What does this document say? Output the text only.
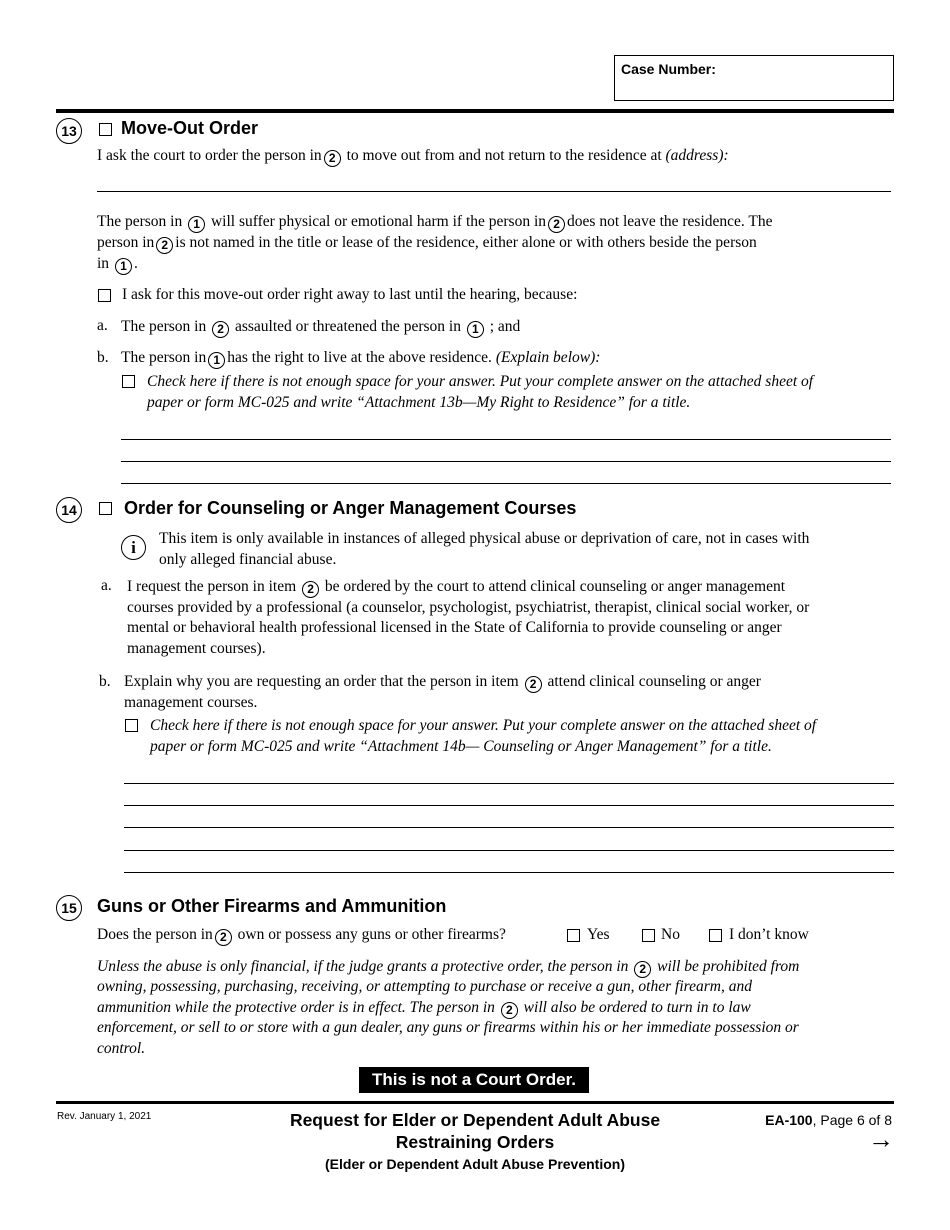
Case Number:
13 Move-Out Order
I ask the court to order the person in 2 to move out from and not return to the residence at (address):
The person in 1 will suffer physical or emotional harm if the person in 2 does not leave the residence. The
person in 2 is not named in the title or lease of the residence, either alone or with others beside the person
in 1 .
I ask for this move-out order right away to last until the hearing, because:
a. The person in 2 assaulted or threatened the person in 1 ; and
b. The person in 1 has the right to live at the above residence. (Explain below):
Check here if there is not enough space for your answer. Put your complete answer on the attached sheet of
paper or form MC-025 and write “Attachment 13b—My Right to Residence” for a title.
14	Order for Counseling or Anger Management Courses
i	This item is only available in instances of alleged physical abuse or deprivation of care, not in cases with
only alleged financial abuse.
a. I request the person in item 2 be ordered by the court to attend clinical counseling or anger management
courses provided by a professional (a counselor, psychologist, psychiatrist, therapist, clinical social worker, or
mental or behavioral health professional licensed in the State of California to provide counseling or anger
management courses).
b. Explain why you are requesting an order that the person in item 2 attend clinical counseling or anger
management courses.
Check here if there is not enough space for your answer. Put your complete answer on the attached sheet of
paper or form MC-025 and write “Attachment 14b— Counseling or Anger Management” for a title.
15 Guns or Other Firearms and Ammunition
Does the person in 2 own or possess any guns or other firearms?	Yes	No	I don’t know
Unless the abuse is only financial, if the judge grants a protective order, the person in 2 will be prohibited from
owning, possessing, purchasing, receiving, or attempting to purchase or receive a gun, other firearm, and
ammunition while the protective order is in effect. The person in 2 will also be ordered to turn in to law
enforcement, or sell to or store with a gun dealer, any guns or firearms within his or her immediate possession or
control.
This is not a Court Order.
Rev. January 1, 2021	Request for Elder or Dependent Adult Abuse
Restraining Orders
(Elder or Dependent Adult Abuse Prevention)
EA-100, Page 6 of 8
→
